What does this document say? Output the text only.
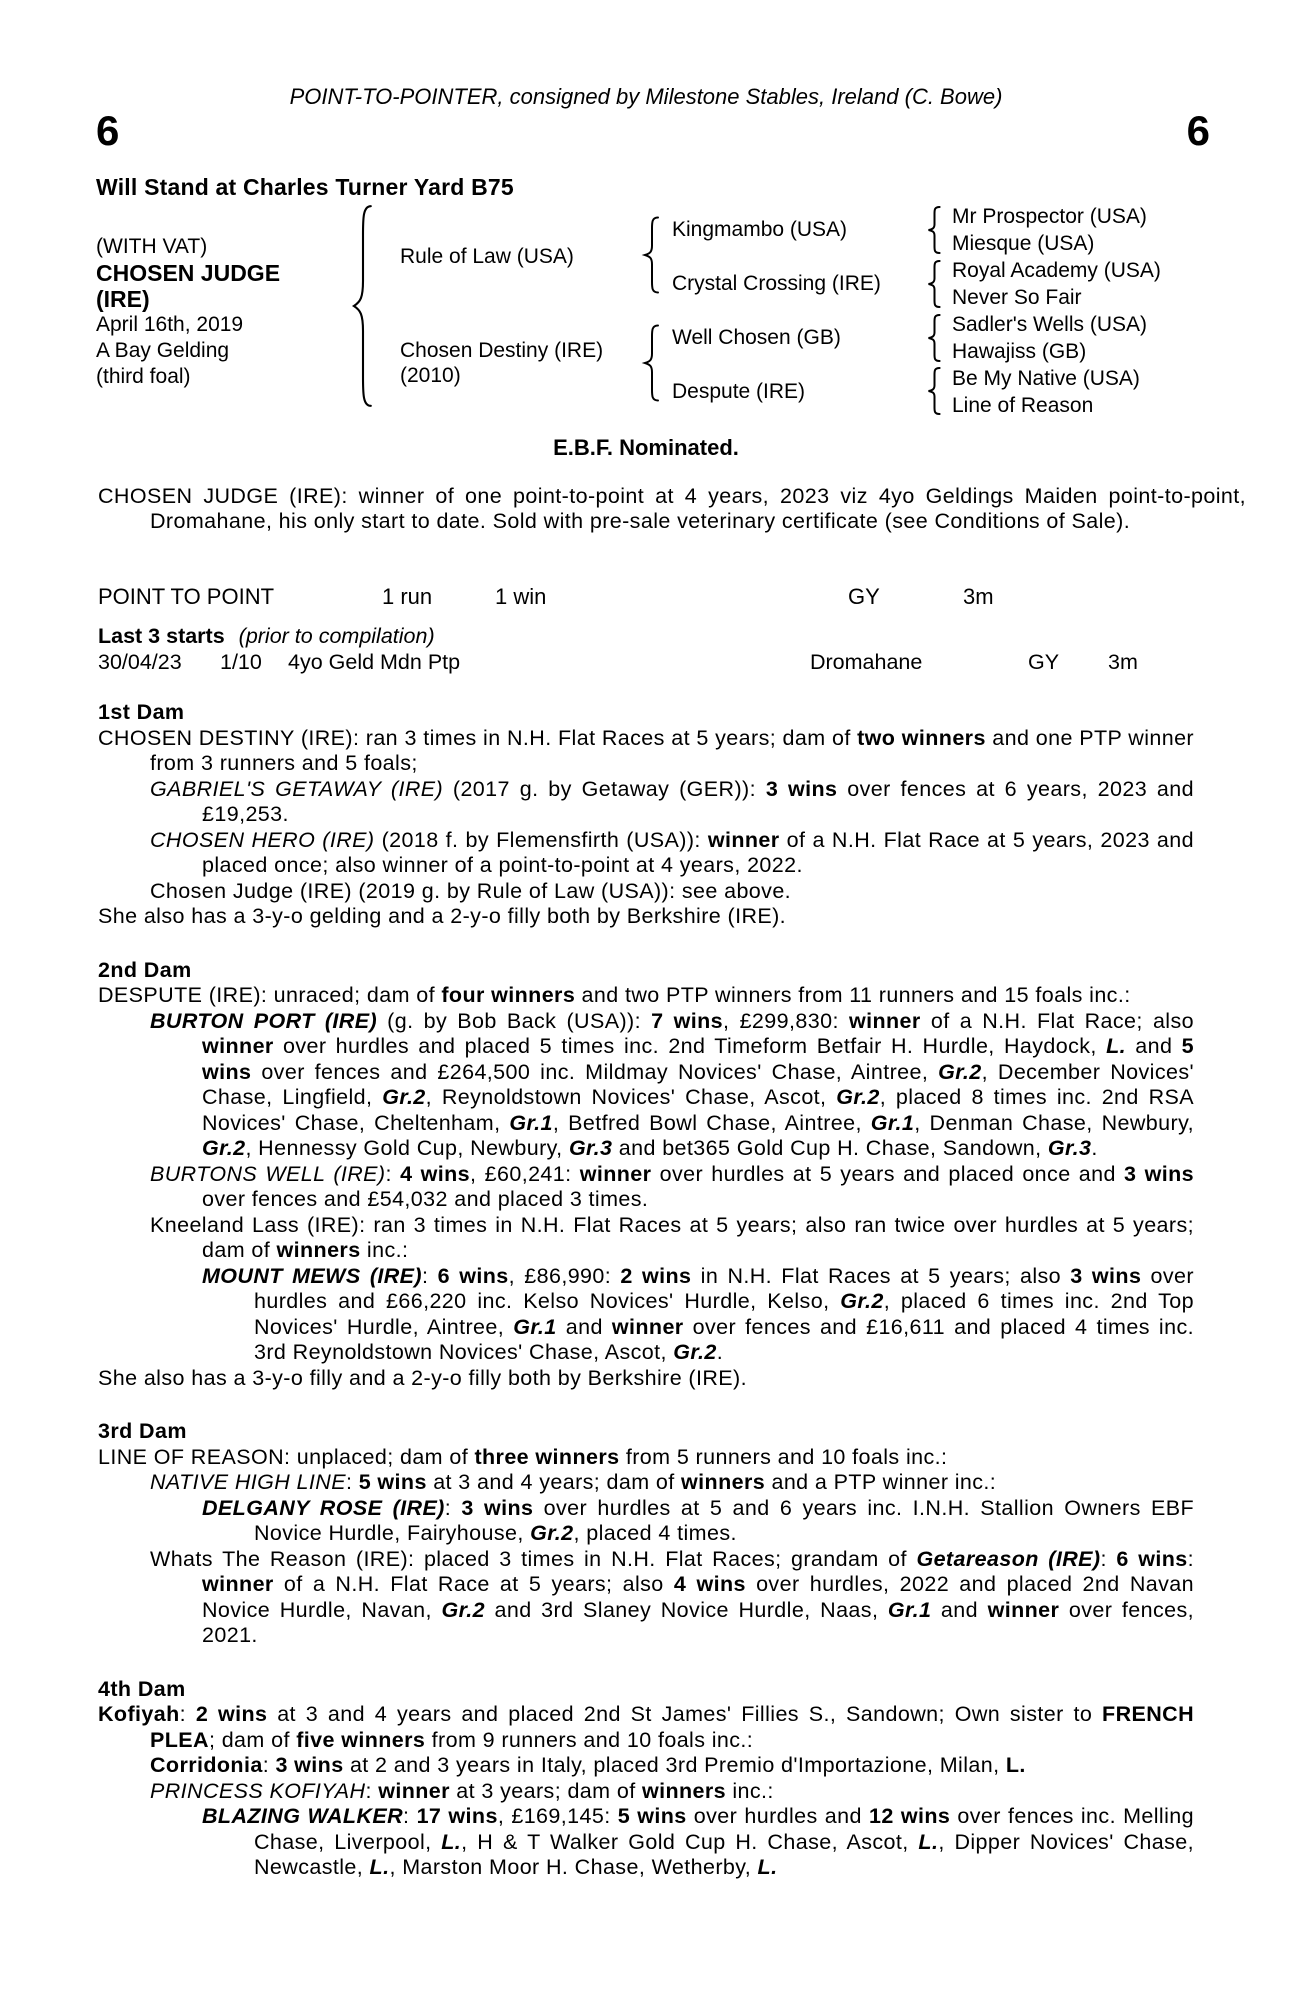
POINT-TO-POINTER, consigned by Milestone Stables, Ireland (C. Bowe)
6	6
Will Stand at Charles Turner Yard B75
(WITH VAT)
CHOSEN JUDGE
(IRE)
April 16th, 2019
A Bay Gelding
(third foal)
Rule of Law (USA)
Chosen Destiny (IRE)
(2010)
Kingmambo (USA)
Crystal Crossing (IRE)
Well Chosen (GB)
Despute (IRE)
Mr Prospector (USA)
Miesque (USA)
Royal Academy (USA)
Never So Fair
Sadler's Wells (USA)
Hawajiss (GB)
Be My Native (USA)
Line of Reason
E.B.F. Nominated.

CHOSEN JUDGE (IRE): winner of one point-to-point at 4 years, 2023 viz 4yo Geldings Maiden point-to-point, Dromahane, his only start to date. Sold with pre-sale veterinary certificate (see Conditions of Sale).

POINT TO POINT	1 run	1 win	GY	3m
Last 3 starts (prior to compilation)
30/04/23 1/10 4yo Geld Mdn Ptp	Dromahane	GY 3m
1st Dam

CHOSEN DESTINY (IRE): ran 3 times in N.H. Flat Races at 5 years; dam of two winners and one PTP winner from 3 runners and 5 foals;

GABRIEL'S GETAWAY (IRE) (2017 g. by Getaway (GER)): 3 wins over fences at 6 years, 2023 and £19,253.

CHOSEN HERO (IRE) (2018 f. by Flemensfirth (USA)): winner of a N.H. Flat Race at 5 years, 2023 and placed once; also winner of a point-to-point at 4 years, 2022.

Chosen Judge (IRE) (2019 g. by Rule of Law (USA)): see above.

She also has a 3-y-o gelding and a 2-y-o filly both by Berkshire (IRE).

2nd Dam

DESPUTE (IRE): unraced; dam of four winners and two PTP winners from 11 runners and 15 foals inc.:

BURTON PORT (IRE) (g. by Bob Back (USA)): 7 wins, £299,830: winner of a N.H. Flat Race; also winner over hurdles and placed 5 times inc. 2nd Timeform Betfair H. Hurdle, Haydock, L. and 5 wins over fences and £264,500 inc. Mildmay Novices' Chase, Aintree, Gr.2, December Novices' Chase, Lingfield, Gr.2, Reynoldstown Novices' Chase, Ascot, Gr.2, placed 8 times inc. 2nd RSA Novices' Chase, Cheltenham, Gr.1, Betfred Bowl Chase, Aintree, Gr.1, Denman Chase, Newbury, Gr.2, Hennessy Gold Cup, Newbury, Gr.3 and bet365 Gold Cup H. Chase, Sandown, Gr.3.

BURTONS WELL (IRE): 4 wins, £60,241: winner over hurdles at 5 years and placed once and 3 wins over fences and £54,032 and placed 3 times.

Kneeland Lass (IRE): ran 3 times in N.H. Flat Races at 5 years; also ran twice over hurdles at 5 years; dam of winners inc.:

MOUNT MEWS (IRE): 6 wins, £86,990: 2 wins in N.H. Flat Races at 5 years; also 3 wins over hurdles and £66,220 inc. Kelso Novices' Hurdle, Kelso, Gr.2, placed 6 times inc. 2nd Top Novices' Hurdle, Aintree, Gr.1 and winner over fences and £16,611 and placed 4 times inc. 3rd Reynoldstown Novices' Chase, Ascot, Gr.2.

She also has a 3-y-o filly and a 2-y-o filly both by Berkshire (IRE).

3rd Dam

LINE OF REASON: unplaced; dam of three winners from 5 runners and 10 foals inc.:

NATIVE HIGH LINE: 5 wins at 3 and 4 years; dam of winners and a PTP winner inc.:

DELGANY ROSE (IRE): 3 wins over hurdles at 5 and 6 years inc. I.N.H. Stallion Owners EBF Novice Hurdle, Fairyhouse, Gr.2, placed 4 times.

Whats The Reason (IRE): placed 3 times in N.H. Flat Races; grandam of Getareason (IRE): 6 wins: winner of a N.H. Flat Race at 5 years; also 4 wins over hurdles, 2022 and placed 2nd Navan Novice Hurdle, Navan, Gr.2 and 3rd Slaney Novice Hurdle, Naas, Gr.1 and winner over fences, 2021.

4th Dam

Kofiyah: 2 wins at 3 and 4 years and placed 2nd St James' Fillies S., Sandown; Own sister to FRENCH PLEA; dam of five winners from 9 runners and 10 foals inc.:

Corridonia: 3 wins at 2 and 3 years in Italy, placed 3rd Premio d'Importazione, Milan, L.

PRINCESS KOFIYAH: winner at 3 years; dam of winners inc.:

BLAZING WALKER: 17 wins, £169,145: 5 wins over hurdles and 12 wins over fences inc. Melling Chase, Liverpool, L., H & T Walker Gold Cup H. Chase, Ascot, L., Dipper Novices' Chase, Newcastle, L., Marston Moor H. Chase, Wetherby, L.
